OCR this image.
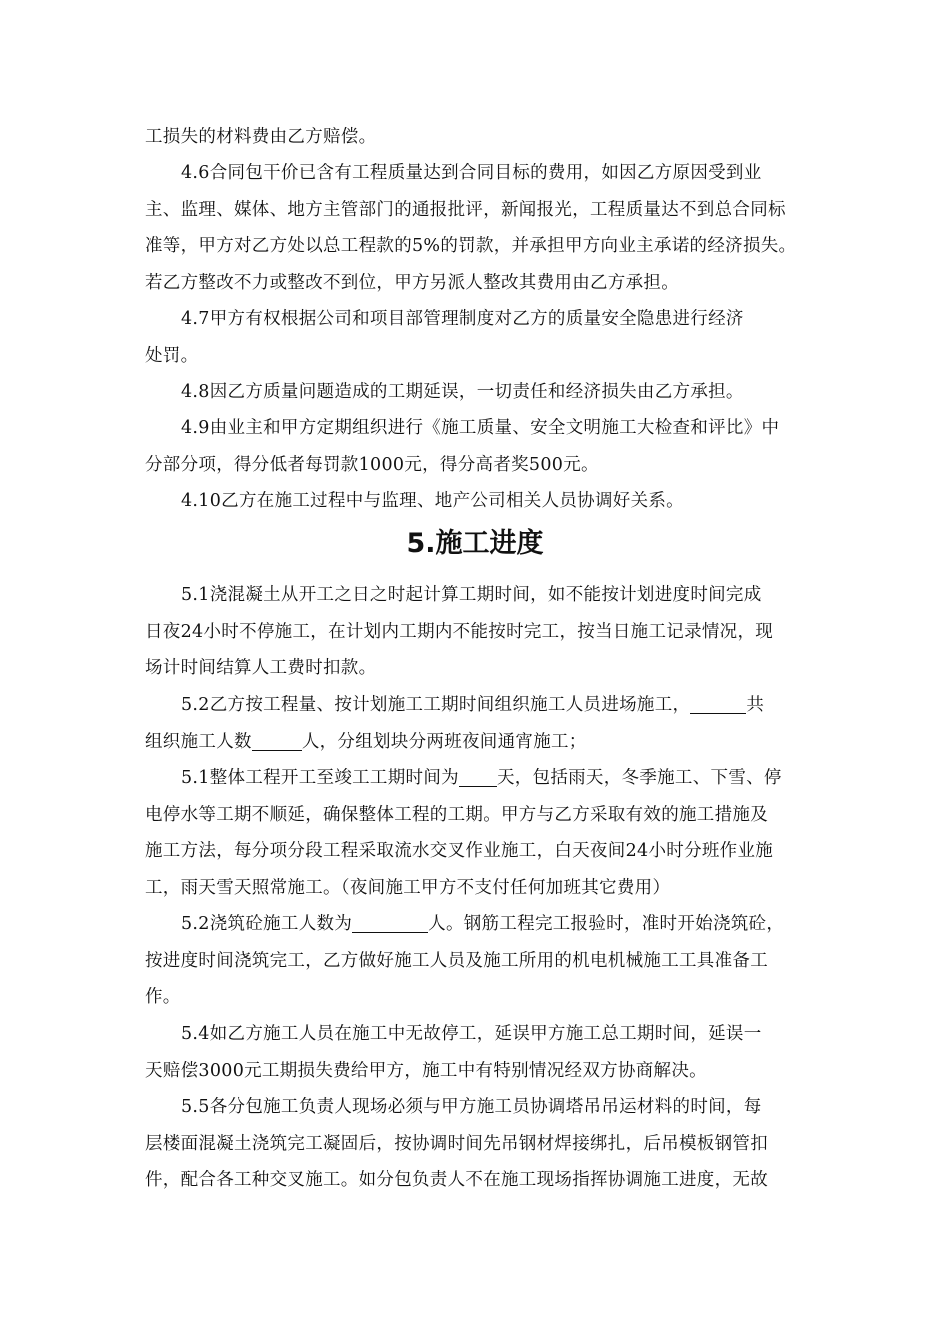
工损失的材料费由乙方赔偿。
4.6合同包干价已含有工程质量达到合同目标的费用，如因乙方原因受到业
主、监理、媒体、地方主管部门的通报批评，新闻报光，工程质量达不到总合同标
准等，甲方对乙方处以总工程款的5%的罚款，并承担甲方向业主承诺的经济损失。
若乙方整改不力或整改不到位，甲方另派人整改其费用由乙方承担。
4.7甲方有权根据公司和项目部管理制度对乙方的质量安全隐患进行经济
处罚。
4.8因乙方质量问题造成的工期延误，一切责任和经济损失由乙方承担。
4.9由业主和甲方定期组织进行《施工质量、安全文明施工大检查和评比》中
分部分项，得分低者每罚款1000元，得分高者奖500元。
4.10乙方在施工过程中与监理、地产公司相关人员协调好关系。
5.施工进度
5.1浇混凝土从开工之日之时起计算工期时间，如不能按计划进度时间完成
日夜24小时不停施工，在计划内工期内不能按时完工，按当日施工记录情况，现
场计时间结算人工费时扣款。
5.2乙方按工程量、按计划施工工期时间组织施工人员进场施工，	共
组织施工人数	人，分组划块分两班夜间通宵施工；
5.1整体工程开工至竣工工期时间为 天，包括雨天，冬季施工、下雪、停
电停水等工期不顺延，确保整体工程的工期。甲方与乙方采取有效的施工措施及
施工方法，每分项分段工程采取流水交叉作业施工，白天夜间24小时分班作业施
工，雨天雪天照常施工。（夜间施工甲方不支付任何加班其它费用）
5.2浇筑砼施工人数为	人。钢筋工程完工报验时，准时开始浇筑砼，
按进度时间浇筑完工，乙方做好施工人员及施工所用的机电机械施工工具准备工
作。
5.4如乙方施工人员在施工中无故停工，延误甲方施工总工期时间，延误一
天赔偿3000元工期损失费给甲方，施工中有特别情况经双方协商解决。
5.5各分包施工负责人现场必须与甲方施工员协调塔吊吊运材料的时间，每
层楼面混凝土浇筑完工凝固后，按协调时间先吊钢材焊接绑扎，后吊模板钢管扣
件，配合各工种交叉施工。如分包负责人不在施工现场指挥协调施工进度，无故
